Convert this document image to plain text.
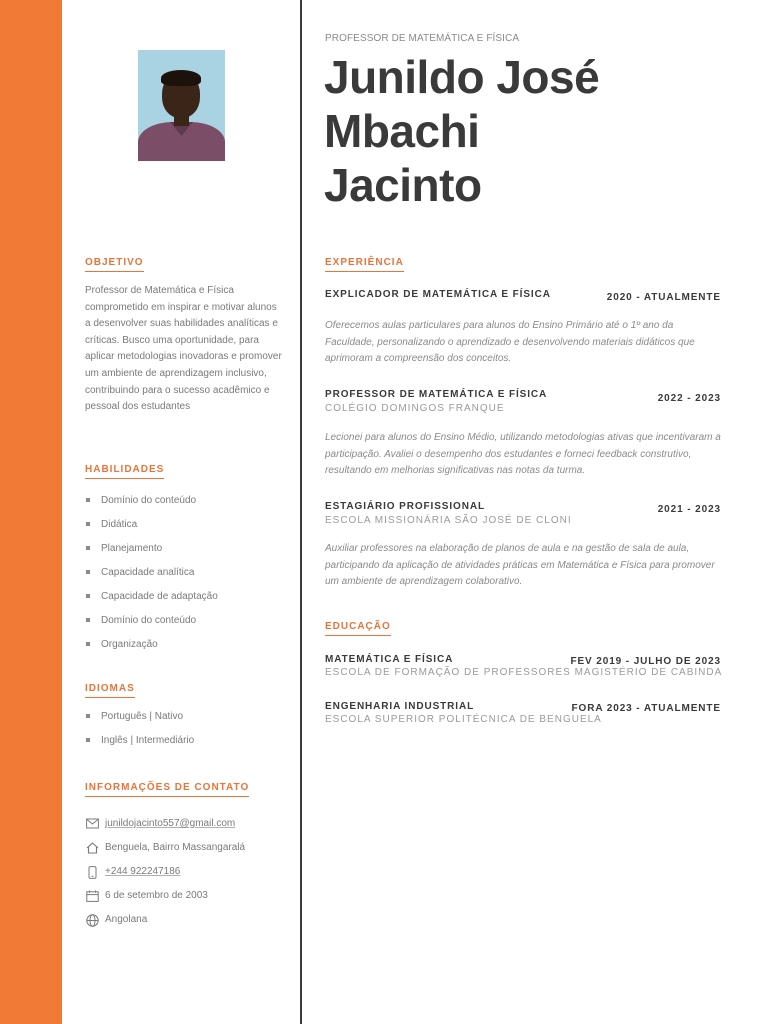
OBJETIVO

Professor de Matemática e Física comprometido em inspirar e motivar alunos a desenvolver suas habilidades analíticas e críticas. Busco uma oportunidade, para aplicar metodologias inovadoras e promover um ambiente de aprendizagem inclusivo, contribuindo para o sucesso acadêmico e pessoal dos estudantes

HABILIDADES
Domínio do conteúdo
Didática
Planejamento
Capacidade analítica
Capacidade de adaptação
Domínio do conteúdo
Organização
IDIOMAS
Português | Nativo
Inglês | Intermediário
INFORMAÇÕES DE CONTATO
junildojacinto557@gmail.com
Benguela, Bairro Massangaralá
+244 922247186
6 de setembro de 2003
Angolana
PROFESSOR DE MATEMÁTICA E FÍSICA
Junildo José
Mbachi
Jacinto
EXPERIÊNCIA
EXPLICADOR DE MATEMÁTICA E FÍSICA	2020 - ATUALMENTE

Oferecemos aulas particulares para alunos do Ensino Primário até o 1º ano da Faculdade, personalizando o aprendizado e desenvolvendo materiais didáticos que aprimoram a compreensão dos conceitos.

PROFESSOR DE MATEMÁTICA E FÍSICA	2022 - 2023
COLÉGIO DOMINGOS FRANQUE

Lecionei para alunos do Ensino Médio, utilizando metodologias ativas que incentivaram a participação. Avaliei o desempenho dos estudantes e forneci feedback construtivo, resultando em melhorias significativas nas notas da turma.

ESTAGIÁRIO PROFISSIONAL	2021 - 2023
ESCOLA MISSIONÁRIA SÃO JOSÉ DE CLONI

Auxiliar professores na elaboração de planos de aula e na gestão de sala de aula, participando da aplicação de atividades práticas em Matemática e Física para promover um ambiente de aprendizagem colaborativo.

EDUCAÇÃO
MATEMÁTICA E FÍSICA	FEV 2019 - JULHO DE 2023
ESCOLA DE FORMAÇÃO DE PROFESSORES MAGISTÉRIO DE CABINDA
ENGENHARIA INDUSTRIAL	FORA 2023 - ATUALMENTE
ESCOLA SUPERIOR POLITÉCNICA DE BENGUELA
